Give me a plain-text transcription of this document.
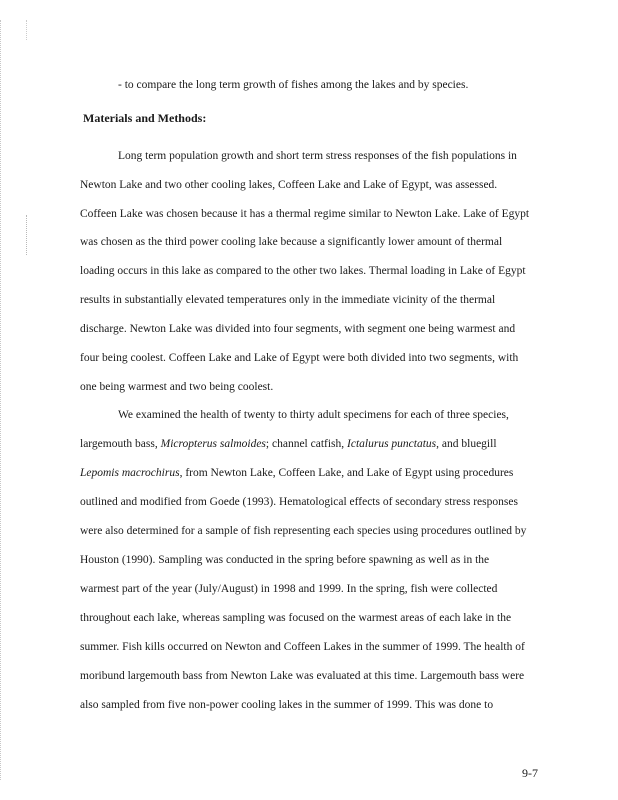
- to compare the long term growth of fishes among the lakes and by species.
Materials and Methods:
Long term population growth and short term stress responses of the fish populations in
Newton Lake and two other cooling lakes, Coffeen Lake and Lake of Egypt, was assessed.
Coffeen Lake was chosen because it has a thermal regime similar to Newton Lake. Lake of Egypt
was chosen as the third power cooling lake because a significantly lower amount of thermal
loading occurs in this lake as compared to the other two lakes. Thermal loading in Lake of Egypt
results in substantially elevated temperatures only in the immediate vicinity of the thermal
discharge. Newton Lake was divided into four segments, with segment one being warmest and
four being coolest. Coffeen Lake and Lake of Egypt were both divided into two segments, with
one being warmest and two being coolest.
We examined the health of twenty to thirty adult specimens for each of three species,
largemouth bass, Micropterus salmoides; channel catfish, Ictalurus punctatus, and bluegill
Lepomis macrochirus, from Newton Lake, Coffeen Lake, and Lake of Egypt using procedures
outlined and modified from Goede (1993). Hematological effects of secondary stress responses
were also determined for a sample of fish representing each species using procedures outlined by
Houston (1990). Sampling was conducted in the spring before spawning as well as in the
warmest part of the year (July/August) in 1998 and 1999. In the spring, fish were collected
throughout each lake, whereas sampling was focused on the warmest areas of each lake in the
summer. Fish kills occurred on Newton and Coffeen Lakes in the summer of 1999. The health of
moribund largemouth bass from Newton Lake was evaluated at this time. Largemouth bass were
also sampled from five non-power cooling lakes in the summer of 1999. This was done to
9-7
